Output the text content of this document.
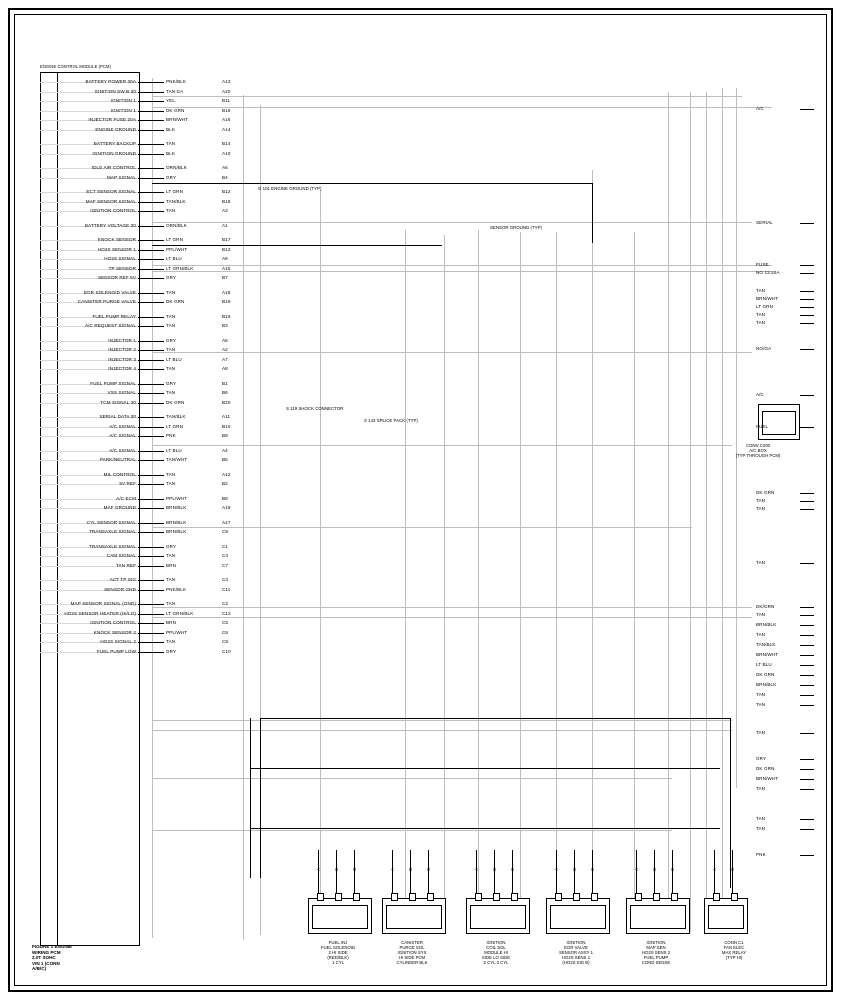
ENGINE CONTROL MODULE (PCM)
G 101 ENGINE GROUND (TYP)
S 119 SHOCK CONNECTOR
S 143 SPLICE PACK (TYP)
SENSOR GROUND (TYP)
CONN C200
A/C BOX
(TYP THROUGH PCM)
FIGURE 1 ENGINE
WIRING PCM
2.0T SOHC
VIN 1 (CONN
A/B/C)
BATTERY POWER 30A	PNK/BLK	A13
IGNITION SW B 30	TAN GA	A20
IGNITION 1	YEL	B11
IGNITION 1	DK GRN	B15
INJECTOR FUSE 20A	BRN/WHT	A16
ENGINE GROUND	BLK	A14
BATTERY BACKUP	TAN	B14
IGNITION GROUND	BLK	A10
IDLE AIR CONTROL	ORN/BLK	A6
MAP SIGNAL	GRY	B4
ECT SENSOR SIGNAL	LT GRN	B12
MAF SENSOR SIGNAL	TAN/BLK	B18
IGNITION CONTROL	TAN	A3
BATTERY VOLTAGE 30	ORN/BLK	A1
KNOCK SENSOR	LT GRN	B17
HO2S SENSOR 1	PPL/WHT	B13
HO2S SIGNAL	LT BLU	A9
TP SENSOR	LT GRN/BLK	A15
SENSOR REF 5V	GRY	B7
EGR SOLENOID VALVE	TAN	A18
CANISTER PURGE VALVE	DK GRN	B19
FUEL PUMP RELAY	TAN	B16
A/C REQUEST SIGNAL	TAN	B3
INJECTOR 1	GRY	A5
INJECTOR 2	TAN	A2
INJECTOR 3	LT BLU	A7
INJECTOR 4	TAN	A8
FUEL PUMP SIGNAL	GRY	B1
VSS SIGNAL	TAN	B6
TCM SIGNAL 30	DK GRN	B20
SERIAL DATA 30	TAN/BLK	A11
A/C SIGNAL	LT GRN	B10
A/C SIGNAL	PNK	B9
A/C SIGNAL	LT BLU	A4
PARK/NEUTRAL	TAN/WHT	B5
MIL CONTROL	TAN	A12
5V REF	TAN	B2
A/C ECM	PPL/WHT	B8
MAF GROUND	BRN/BLK	A19
CYL SENSOR SIGNAL	BRN/BLK	A17
TRANSAXLE SIGNAL	BRN/BLK	C9
TRANSAXLE SIGNAL	GRY	C1
CAM SIGNAL	TAN	C4
TAN REF	BRN	C7
ACT TP SIG	TAN	C3
SENSOR GND	PNK/BLK	C11
MAP SENSOR SIGNAL (GND)	TAN	C2
HO2S SENSOR HEATER (HI/LO)	LT GRN/BLK	C12
IGNITION CONTROL	BRN	C5
KNOCK SENSOR 2	PPL/WHT	C6
HO2S SIGNAL 2	TAN	C8
FUEL PUMP LOW	GRY	C10
A/C
SERIAL
FUSE
NO 13 20A
TAN
BRN/WHT
LT GRN
TAN
TAN
NO/GA
A/C
FUEL
DK GRN
TAN
TAN
TAN
DK/GRN
TAN
BRN/BLK
TAN
TAN/BLK
BRN/WHT
LT BLU
DK GRN
BRN/BLK
TAN
TAN
TAN
GRY
DK GRN
BRN/WHT
TAN
TAN
TAN
PNK
FUEL INJ
FUEL SOLENOID
2 HI SIDE
(RED/BLK)
1 CYL

CANISTER
PURGE SOL
IGNITION SYS
HI SIDE PCM
CYLINDER BLK

IGNITION
COIL SOL
MODULE HI
SIDE LO SIDE
2 CYL 3 CYL

IGNITION
EGR VALVE
SENSOR ASSY 1
HO2S SENS 1
(HO2S SIG B)

IGNITION
MAP SEN
HO2S SENS 2
FUEL PUMP
COND SENSE

CONN C1
FAN ELEC
MAX RELAY
(TYP HI)
